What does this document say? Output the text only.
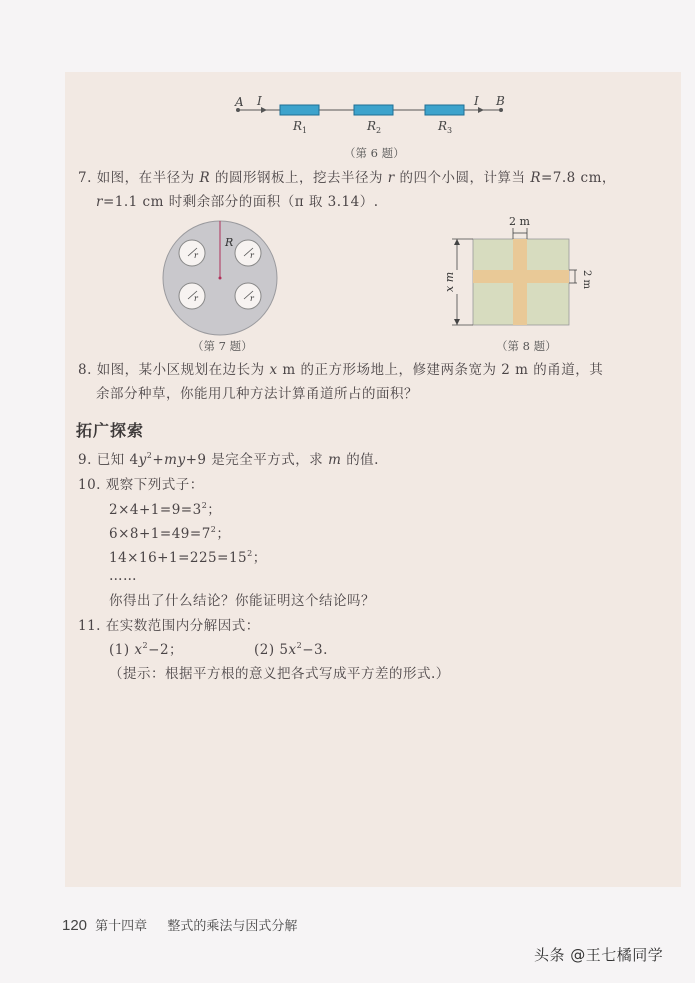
A I	I B
$R_1$	$R_2$	$R_3$
（第 6 题）
7. 如图，在半径为 R 的圆形钢板上，挖去半径为 r 的四个小圆，计算当 R=7.8 cm，
r=1.1 cm 时剩余部分的面积（π 取 3.14）.
R
r	r
r	r
（第 7 题）
2 m
2 m
x m
（第 8 题）
8. 如图，某小区规划在边长为 x m 的正方形场地上，修建两条宽为 2 m 的甬道，其
余部分种草，你能用几种方法计算甬道所占的面积？
拓广探索
9. 已知 $4y^2+my+9$ 是完全平方式，求 m 的值.
10. 观察下列式子：
$2\times 4+1=9=3^2$；
$6\times 8+1=49=7^2$；
$14\times 16+1=225=15^2$；
……
你得出了什么结论？你能证明这个结论吗？
11. 在实数范围内分解因式：
(1) $x^2-2$；	(2) $5x^2-3$.
（提示：根据平方根的意义把各式写成平方差的形式.）
120 第十四章 整式的乘法与因式分解
头条 @王七橘同学
